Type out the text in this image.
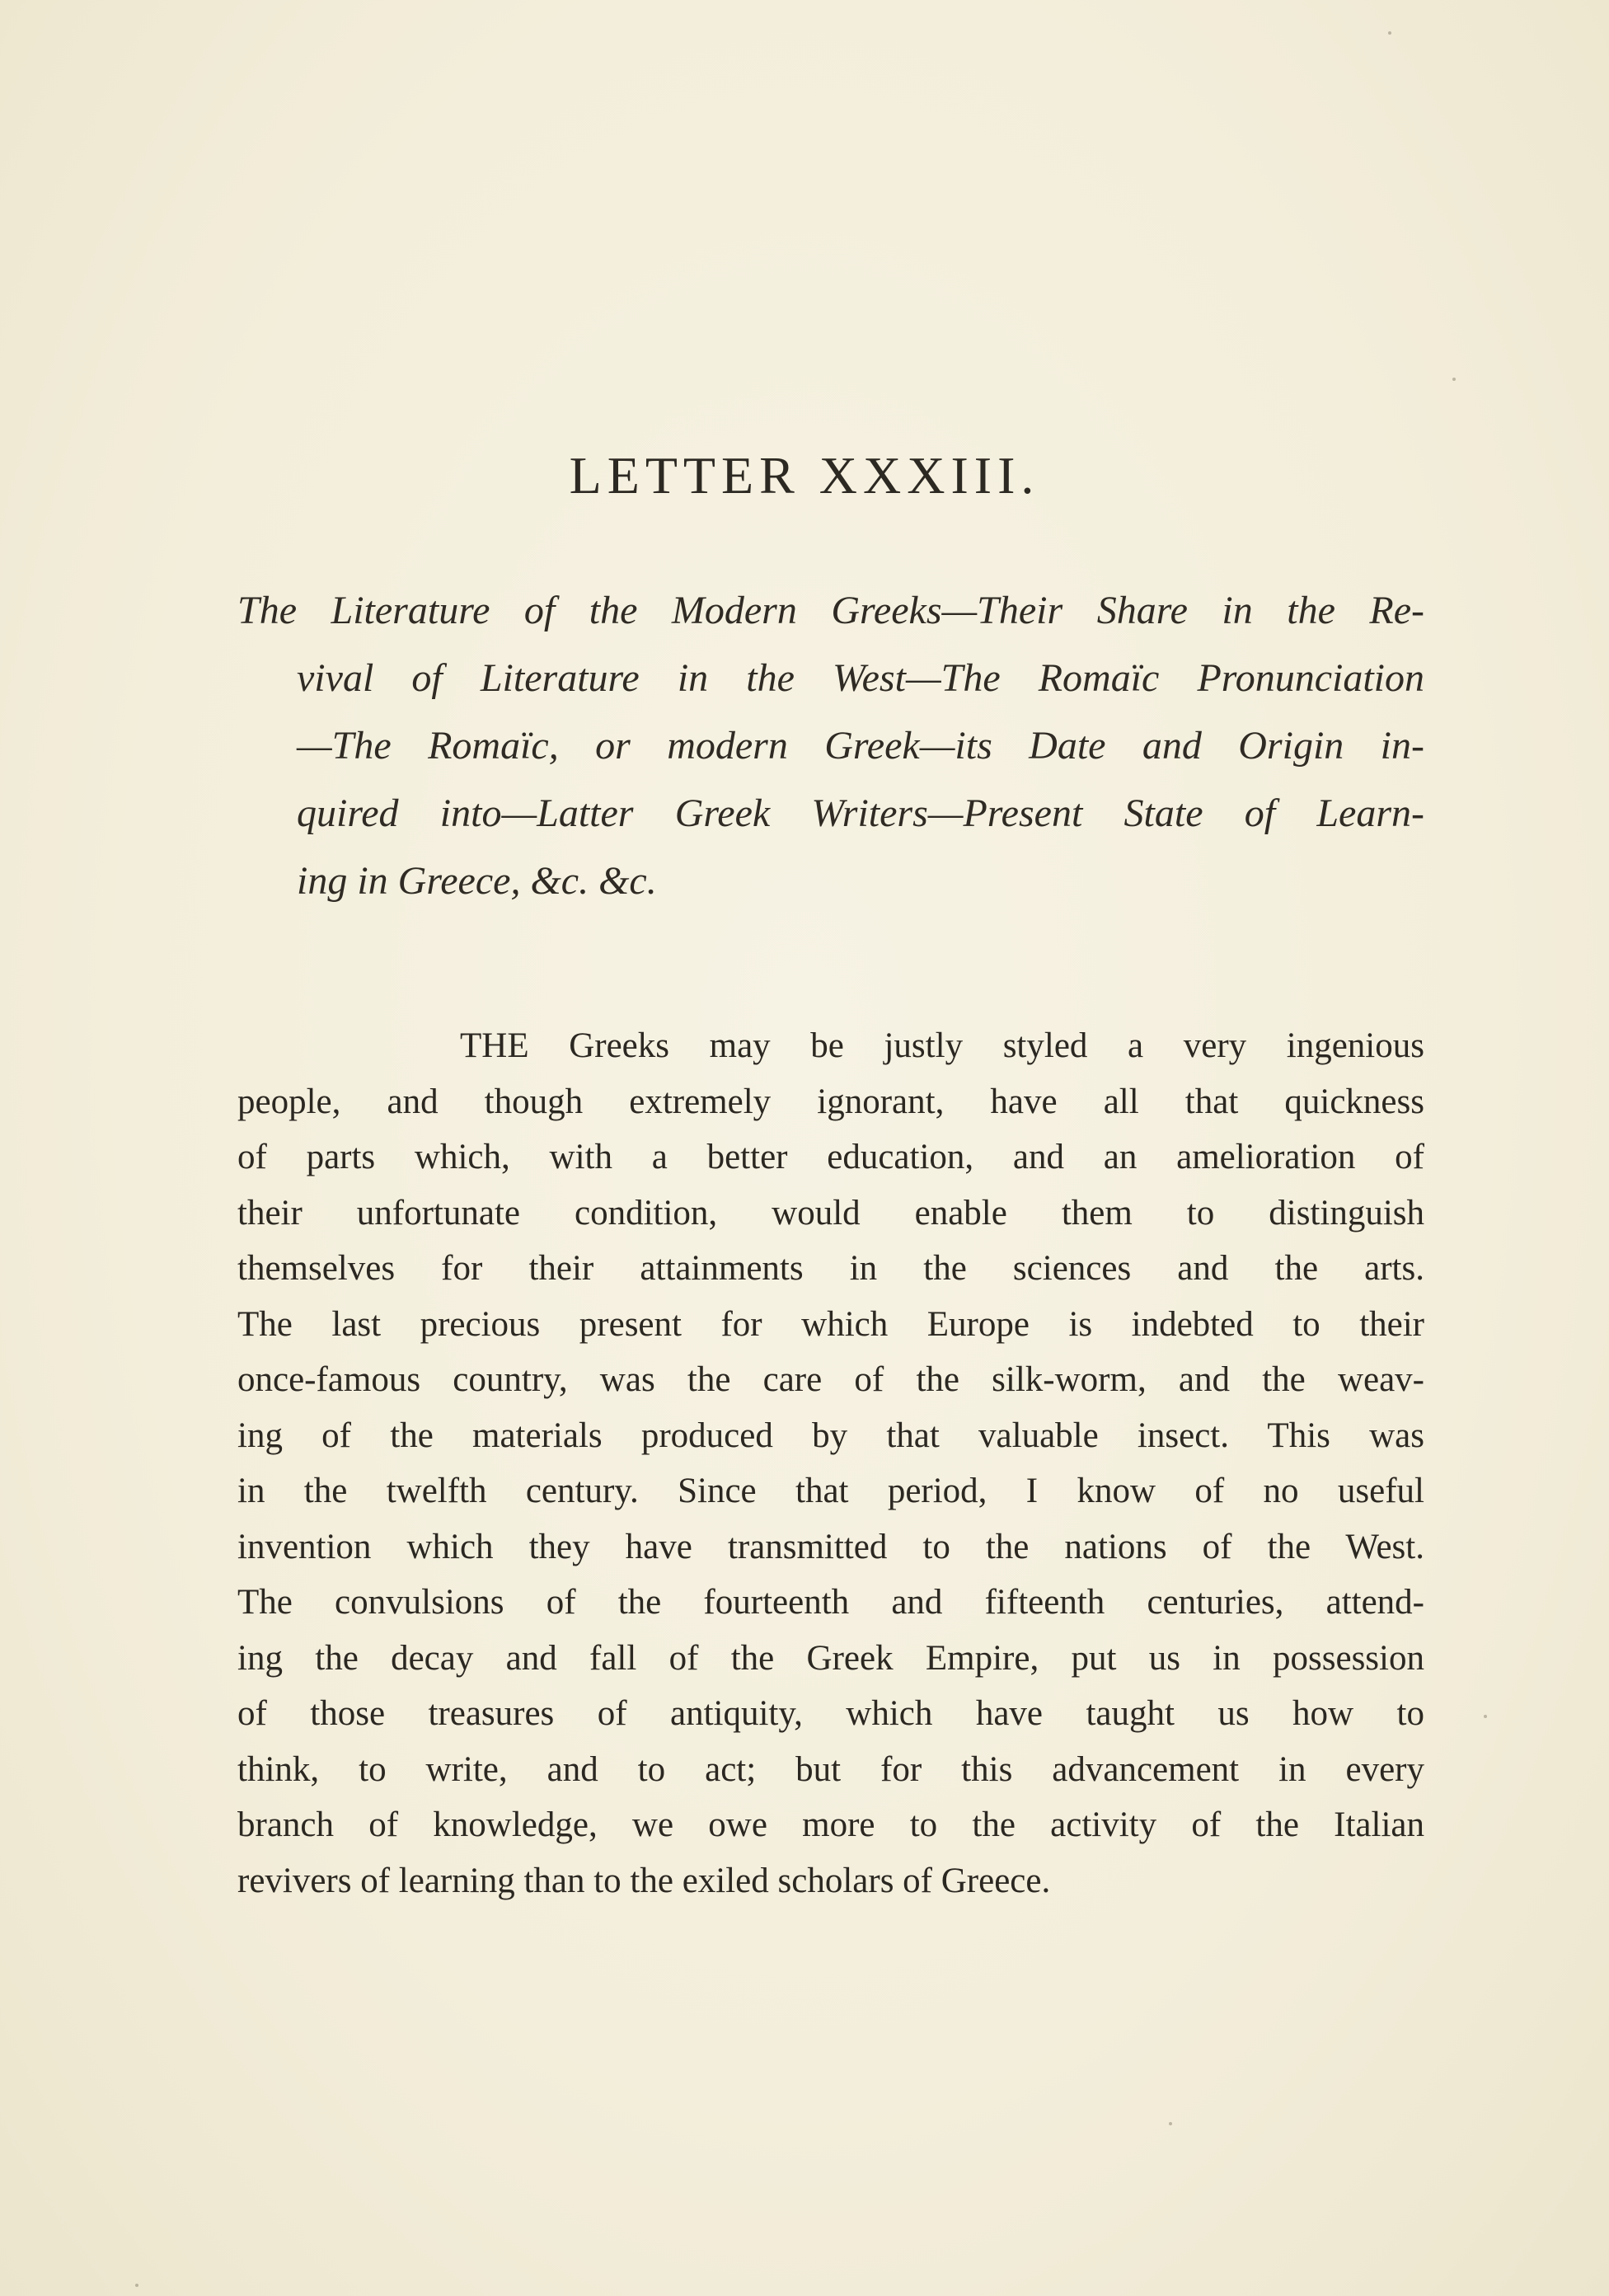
LETTER XXXIII.
The Literature of the Modern Greeks—Their Share in the Re-
vival of Literature in the West—The Romaïc Pronunciation
—The Romaïc, or modern Greek—its Date and Origin in-
quired into—Latter Greek Writers—Present State of Learn-
ing in Greece, &c. &c.
THE Greeks may be justly styled a very ingenious
people, and though extremely ignorant, have all that quickness
of parts which, with a better education, and an amelioration of
their unfortunate condition, would enable them to distinguish
themselves for their attainments in the sciences and the arts.
The last precious present for which Europe is indebted to their
once-famous country, was the care of the silk-worm, and the weav-
ing of the materials produced by that valuable insect. This was
in the twelfth century. Since that period, I know of no useful
invention which they have transmitted to the nations of the West.
The convulsions of the fourteenth and fifteenth centuries, attend-
ing the decay and fall of the Greek Empire, put us in possession
of those treasures of antiquity, which have taught us how to
think, to write, and to act; but for this advancement in every
branch of knowledge, we owe more to the activity of the Italian
revivers of learning than to the exiled scholars of Greece.
